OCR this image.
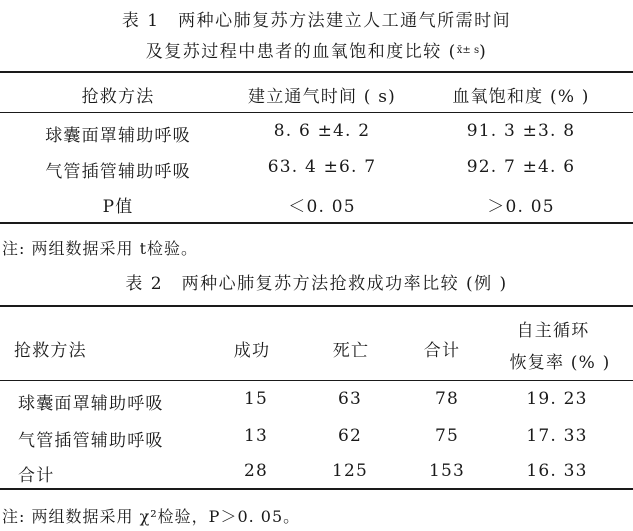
表 1　两种心肺复苏方法建立人工通气所需时间
及复苏过程中患者的血氧饱和度比较 ($^{x̄\pm s}$)
抢救方法	建立通气时间 ( s)	血氧饱和度 (% )
球囊面罩辅助呼吸	8. 6 ±4. 2	91. 3 ±3. 8
气管插管辅助呼吸	63. 4 ±6. 7	92. 7 ±4. 6
P值	＜0. 05	＞0. 05
注: 两组数据采用 t检验。
表 2　两种心肺复苏方法抢救成功率比较 (例 )
抢救方法	成功	死亡	合计
自主循环
恢复率 (% )
球囊面罩辅助呼吸	15	63	78	19. 23
气管插管辅助呼吸	13	62	75	17. 33
合计	28	125	153	16. 33
注: 两组数据采用 χ²检验，P＞0. 05。
